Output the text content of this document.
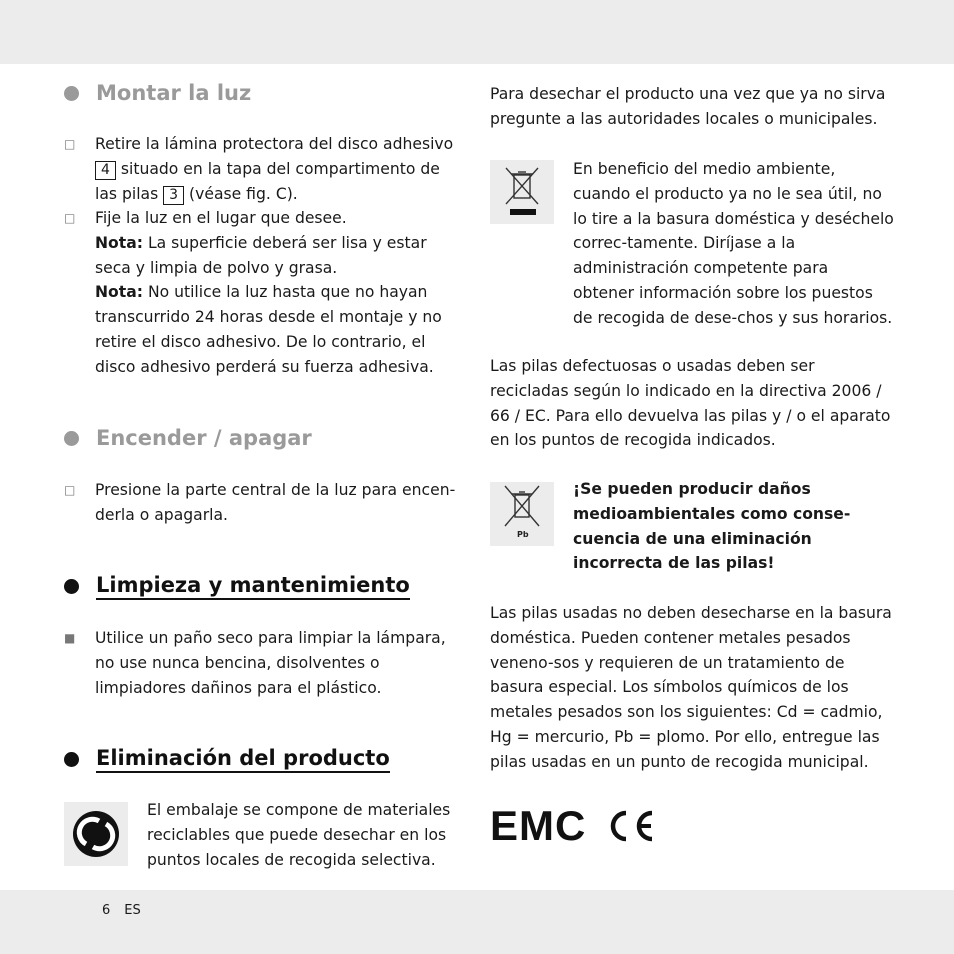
Montar la luz
□	Retire la lámina protectora del disco adhesivo 4 situado en la tapa del compartimento de las pilas 3 (véase fig. C).
□	Fije la luz en el lugar que desee.
Nota: La superficie deberá ser lisa y estar seca y limpia de polvo y grasa.
Nota: No utilice la luz hasta que no hayan transcurrido 24 horas desde el montaje y no retire el disco adhesivo. De lo contrario, el disco adhesivo perderá su fuerza adhesiva.
Encender / apagar
□	Presione la parte central de la luz para encen-derla o apagarla.
Limpieza y mantenimiento
■	Utilice un paño seco para limpiar la lámpara, no use nunca bencina, disolventes o limpiadores dañinos para el plástico.
Eliminación del producto
El embalaje se compone de materiales reciclables que puede desechar en los puntos locales de recogida selectiva.
Para desechar el producto una vez que ya no sirva pregunte a las autoridades locales o municipales.
En beneficio del medio ambiente, cuando el producto ya no le sea útil, no lo tire a la basura doméstica y deséchelo correc-tamente. Diríjase a la administración competente para obtener información sobre los puestos de recogida de dese-chos y sus horarios.
Las pilas defectuosas o usadas deben ser recicladas según lo indicado en la directiva 2006 / 66 / EC. Para ello devuelva las pilas y / o el aparato en los puntos de recogida indicados.
Pb
¡Se pueden producir daños medioambientales como conse-cuencia de una eliminación incorrecta de las pilas!
Las pilas usadas no deben desecharse en la basura doméstica. Pueden contener metales pesados veneno-sos y requieren de un tratamiento de basura especial. Los símbolos químicos de los metales pesados son los siguientes: Cd = cadmio, Hg = mercurio, Pb = plomo. Por ello, entregue las pilas usadas en un punto de recogida municipal.
EMC
6 ES
